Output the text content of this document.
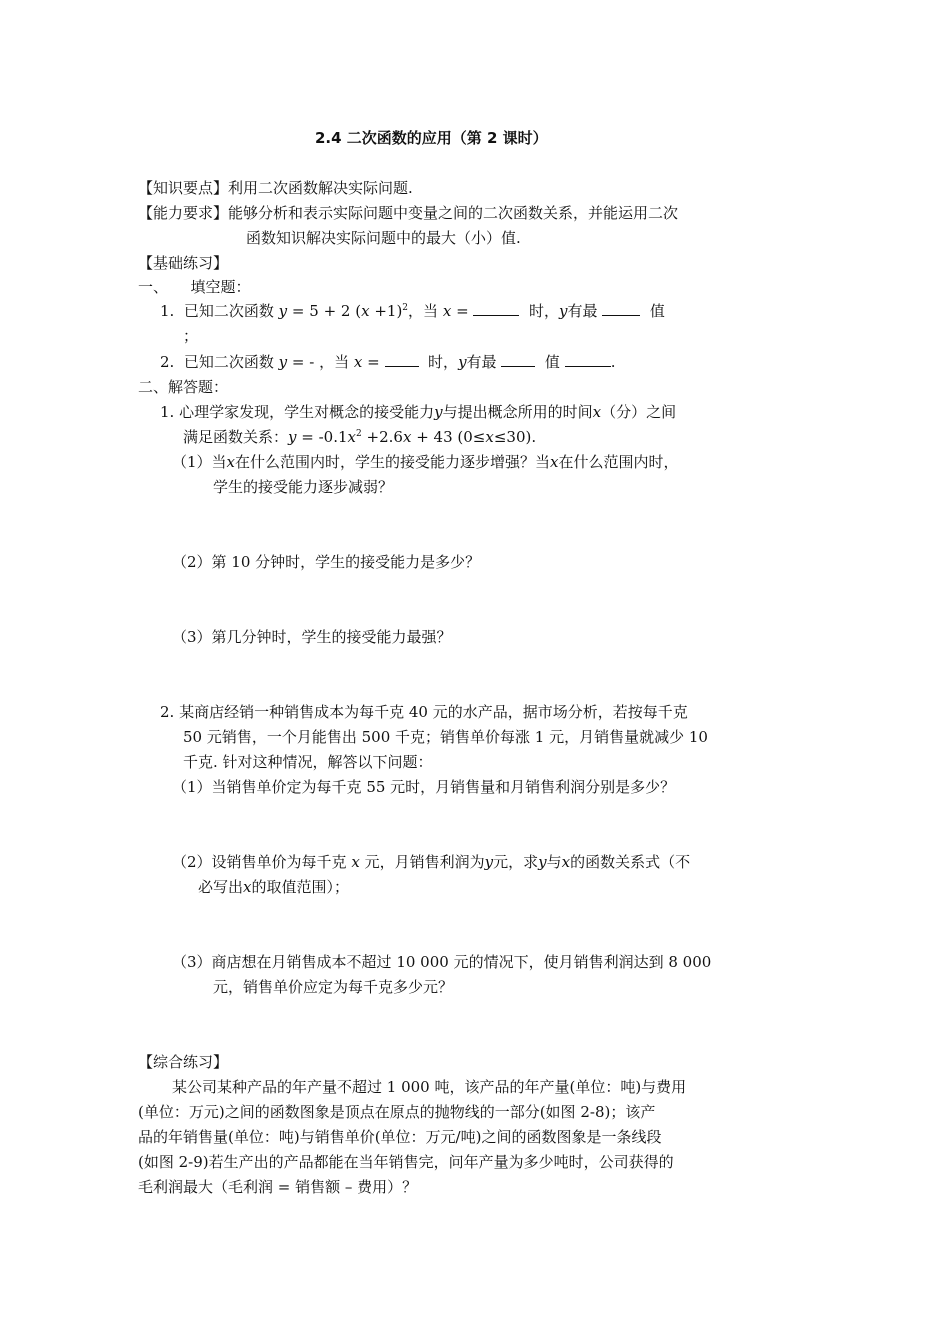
2.4 二次函数的应用（第 2 课时）
【知识要点】利用二次函数解决实际问题.
【能力要求】能够分析和表示实际问题中变量之间的二次函数关系，并能运用二次
函数知识解决实际问题中的最大（小）值.
【基础练习】
一、　　填空题：
1. 已知二次函数 y = 5 + 2 $(x +1)^2$，当 x =	时，y有最	值
；
2. 已知二次函数 y = - ，当 x =	时，y有最	值	.
二、解答题：
1. 心理学家发现，学生对概念的接受能力y与提出概念所用的时间x（分）之间
满足函数关系：$y = -0.1x^2 +2.6x + 43$ (0≤x≤30).
（1）当x在什么范围内时，学生的接受能力逐步增强？当x在什么范围内时，
学生的接受能力逐步减弱？
（2）第 10 分钟时，学生的接受能力是多少？
（3）第几分钟时，学生的接受能力最强？
2. 某商店经销一种销售成本为每千克 40 元的水产品，据市场分析，若按每千克
50 元销售，一个月能售出 500 千克；销售单价每涨 1 元，月销售量就减少 10
千克. 针对这种情况，解答以下问题：
（1）当销售单价定为每千克 55 元时，月销售量和月销售利润分别是多少？
（2）设销售单价为每千克 x 元，月销售利润为y元，求y与x的函数关系式（不
必写出x的取值范围）；
（3）商店想在月销售成本不超过 10 000 元的情况下，使月销售利润达到 8 000
元，销售单价应定为每千克多少元？
【综合练习】
某公司某种产品的年产量不超过 1 000 吨，该产品的年产量(单位：吨)与费用
(单位：万元)之间的函数图象是顶点在原点的抛物线的一部分(如图 2-8)；该产
品的年销售量(单位：吨)与销售单价(单位：万元/吨)之间的函数图象是一条线段
(如图 2-9)若生产出的产品都能在当年销售完，问年产量为多少吨时，公司获得的
毛利润最大（毛利润 = 销售额 – 费用）？
